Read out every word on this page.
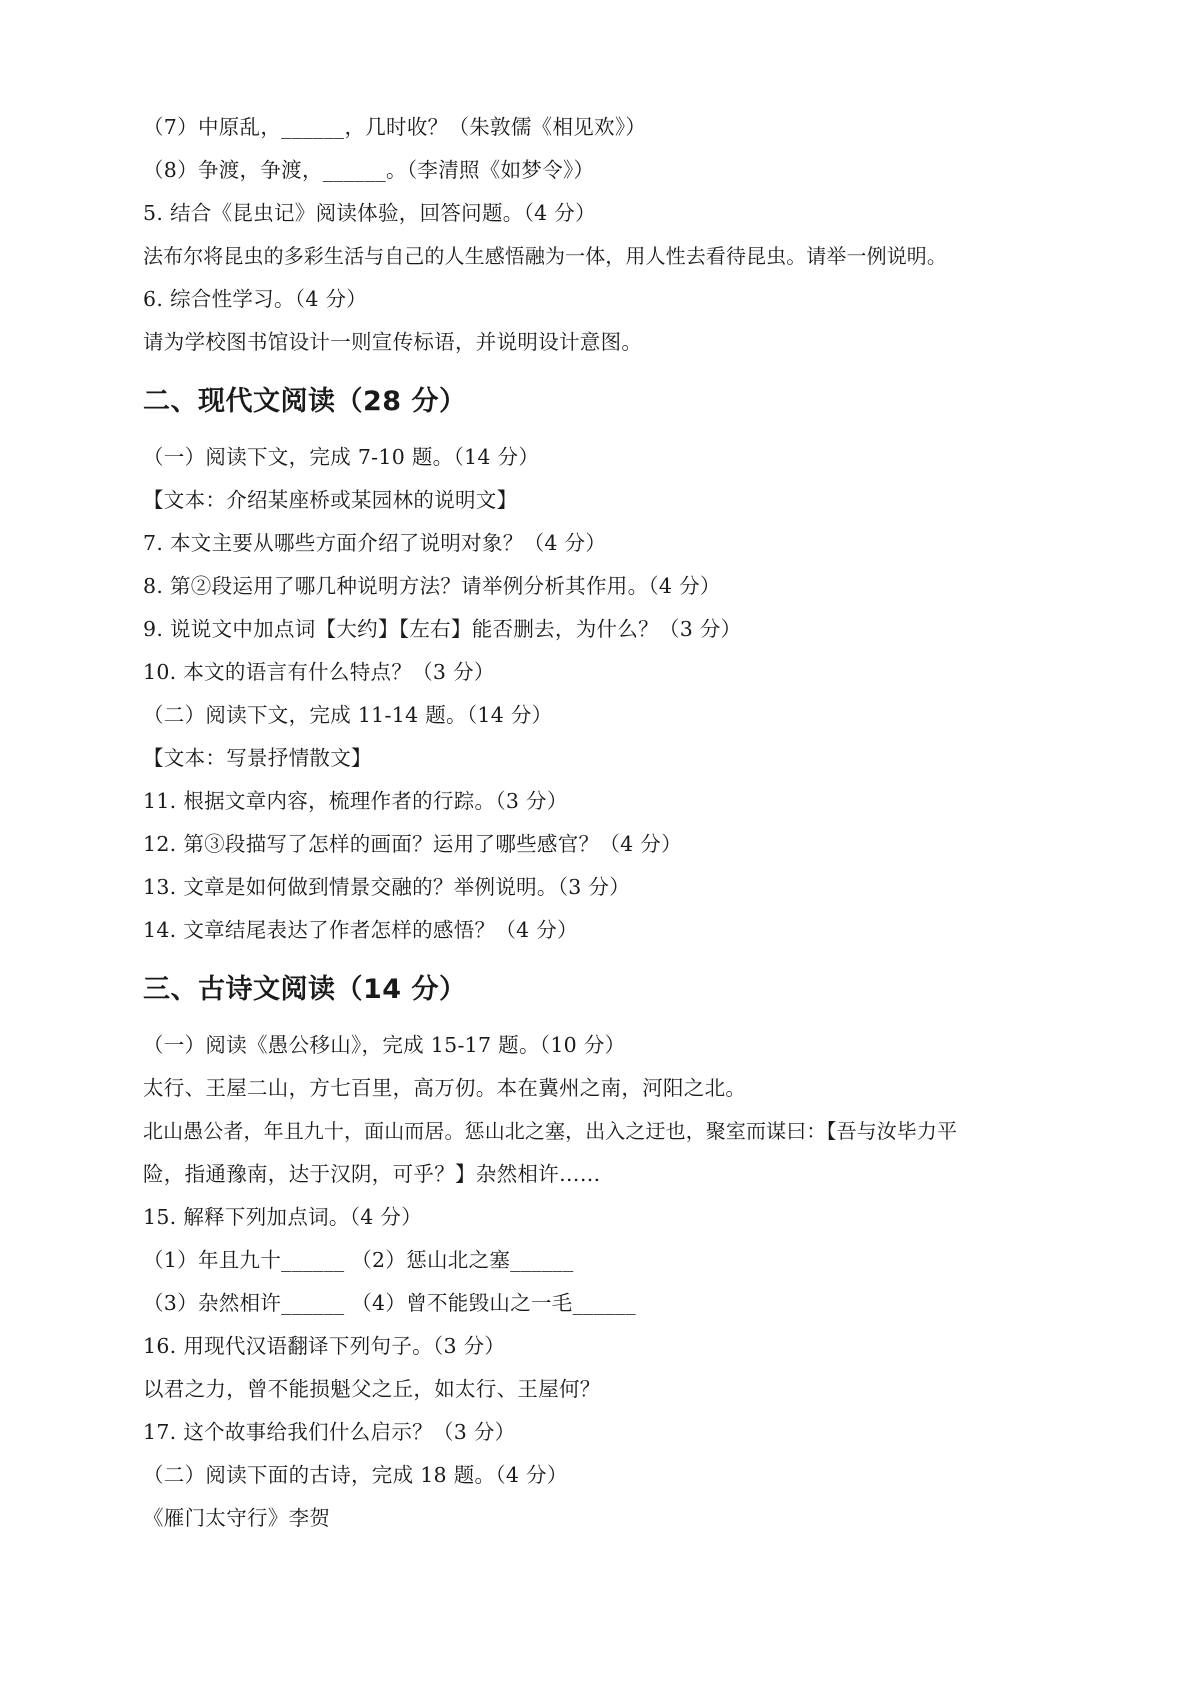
（7）中原乱，______，几时收？（朱敦儒《相见欢》）
（8）争渡，争渡，______。（李清照《如梦令》）
5. 结合《昆虫记》阅读体验，回答问题。（4 分）
法布尔将昆虫的多彩生活与自己的人生感悟融为一体，用人性去看待昆虫。请举一例说明。
6. 综合性学习。（4 分）
请为学校图书馆设计一则宣传标语，并说明设计意图。
二、现代文阅读（28 分）
（一）阅读下文，完成 7-10 题。（14 分）
【文本：介绍某座桥或某园林的说明文】
7. 本文主要从哪些方面介绍了说明对象？（4 分）
8. 第②段运用了哪几种说明方法？请举例分析其作用。（4 分）
9. 说说文中加点词【大约】【左右】能否删去，为什么？（3 分）
10. 本文的语言有什么特点？（3 分）
（二）阅读下文，完成 11-14 题。（14 分）
【文本：写景抒情散文】
11. 根据文章内容，梳理作者的行踪。（3 分）
12. 第③段描写了怎样的画面？运用了哪些感官？（4 分）
13. 文章是如何做到情景交融的？举例说明。（3 分）
14. 文章结尾表达了作者怎样的感悟？（4 分）
三、古诗文阅读（14 分）
（一）阅读《愚公移山》，完成 15-17 题。（10 分）
太行、王屋二山，方七百里，高万仞。本在冀州之南，河阳之北。
北山愚公者，年且九十，面山而居。惩山北之塞，出入之迂也，聚室而谋曰：【吾与汝毕力平
险，指通豫南，达于汉阴，可乎？】杂然相许……
15. 解释下列加点词。（4 分）
（1）年且九十______ （2）惩山北之塞______
（3）杂然相许______ （4）曾不能毁山之一毛______
16. 用现代汉语翻译下列句子。（3 分）
以君之力，曾不能损魁父之丘，如太行、王屋何？
17. 这个故事给我们什么启示？（3 分）
（二）阅读下面的古诗，完成 18 题。（4 分）
《雁门太守行》李贺
